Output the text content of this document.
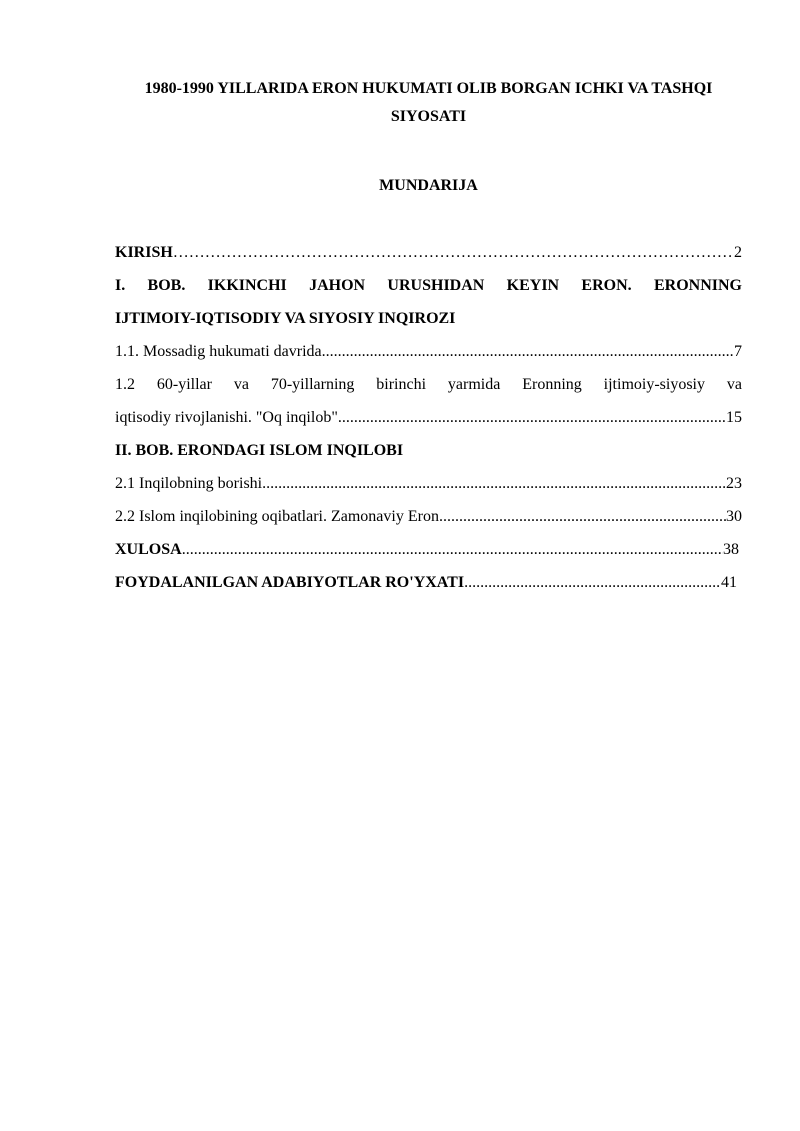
1980-1990 YILLARIDA ERON HUKUMATI OLIB BORGAN ICHKI VA TASHQI SIYOSATI
MUNDARIJA
KIRISH ………………………………………………………………………………………………………………………………………………………	2
I. BOB. IKKINCHI JAHON URUSHIDAN KEYIN ERON. ERONNING
IJTIMOIY-IQTISODIY VA SIYOSIY INQIROZI
1.1. Mossadig hukumati davrida .....	7
1.2 60-yillar va 70-yillarning birinchi yarmida Eronning ijtimoiy-siyosiy va
iqtisodiy rivojlanishi. "Oq inqilob" .....	15
II. BOB. ERONDAGI ISLOM INQILOBI
2.1 Inqilobning borishi .....	23
2.2 Islom inqilobining oqibatlari. Zamonaviy Eron .....	30
XULOSA .....	38
FOYDALANILGAN ADABIYOTLAR RO'YXATI .....	41
